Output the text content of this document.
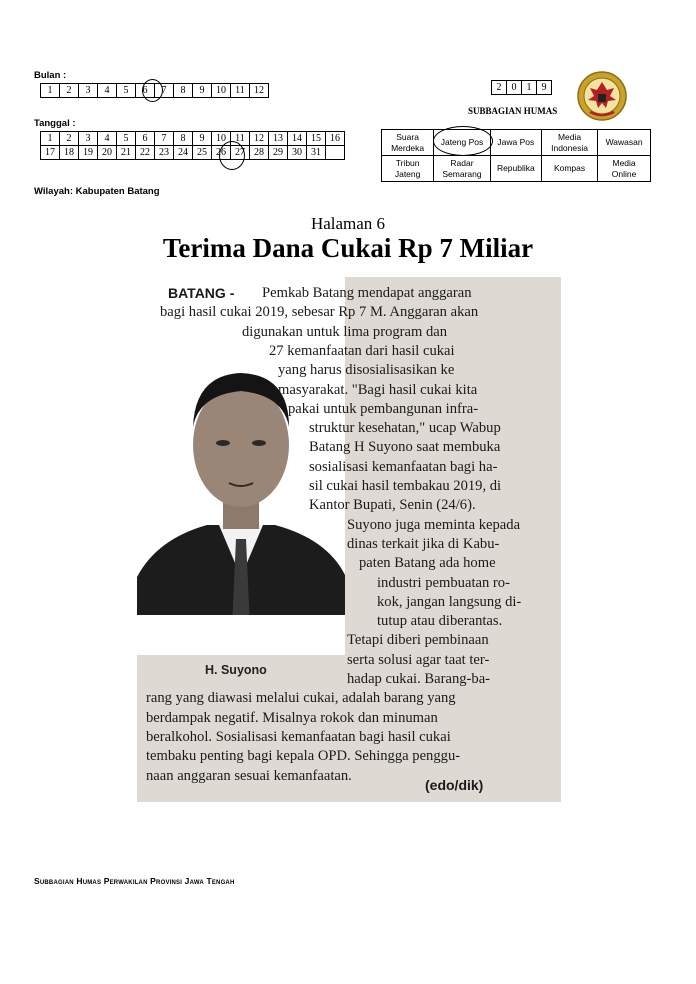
Bulan :
1	2	3	4	5	6	7	8	9	10	11	12
Tanggal :
1	2	3	4	5	6	7	8	9	10	11	12	13	14	15	16
17	18	19	20	21	22	23	24	25	26	27	28	29	30	31	
Wilayah: Kabupaten Batang
2	0	1	9
SUBBAGIAN HUMAS
Suara Merdeka	Jateng Pos	Jawa Pos	Media Indonesia	Wawasan
Tribun Jateng	Radar Semarang	Republika	Kompas	Media Online
Halaman 6
Terima Dana Cukai Rp 7 Miliar
H. Suyono
BATANG - Pemkab Batang mendapat anggaran
bagi hasil cukai 2019, sebesar Rp 7 M. Anggaran akan
digunakan untuk lima program dan
27 kemanfaatan dari hasil cukai
yang harus disosialisasikan ke
masyarakat. "Bagi hasil cukai kita
pakai untuk pembangunan infra-
struktur kesehatan," ucap Wabup
Batang H Suyono saat membuka
sosialisasi kemanfaatan bagi ha-
sil cukai hasil tembakau 2019, di
Kantor Bupati, Senin (24/6).
Suyono juga meminta kepada
dinas terkait jika di Kabu-
paten Batang ada home
industri pembuatan ro-
kok, jangan langsung di-
tutup atau diberantas.
Tetapi diberi pembinaan
serta solusi agar taat ter-
hadap cukai. Barang-ba-
rang yang diawasi melalui cukai, adalah barang yang
berdampak negatif. Misalnya rokok dan minuman
beralkohol. Sosialisasi kemanfaatan bagi hasil cukai
tembaku penting bagi kepala OPD. Sehingga penggu-
naan anggaran sesuai kemanfaatan.
(edo/dik)
Subbagian Humas Perwakilan Provinsi Jawa Tengah
